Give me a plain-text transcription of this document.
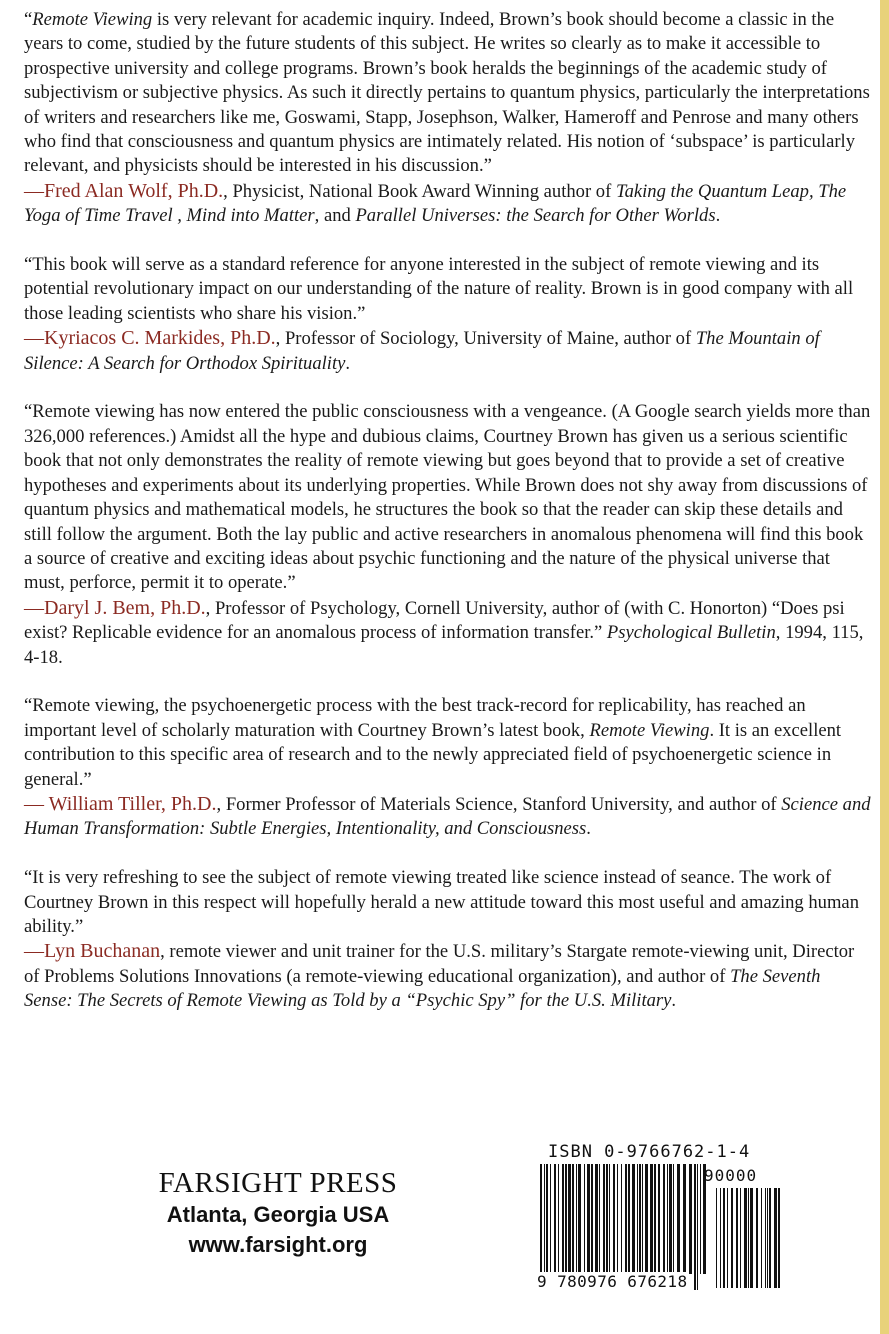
“Remote Viewing is very relevant for academic inquiry. Indeed, Brown’s book should become a classic in the years to come, studied by the future students of this subject. He writes so clearly as to make it accessible to prospective university and college programs. Brown’s book heralds the beginnings of the academic study of subjectivism or subjective physics. As such it directly pertains to quantum physics, particularly the interpretations of writers and researchers like me, Goswami, Stapp, Josephson, Walker, Hameroff and Penrose and many others who find that consciousness and quantum physics are intimately related. His notion of ‘subspace’ is particularly relevant, and physicists should be interested in his discussion.”

—Fred Alan Wolf, Ph.D., Physicist, National Book Award Winning author of Taking the Quantum Leap, The Yoga of Time Travel , Mind into Matter, and Parallel Universes: the Search for Other Worlds.

“This book will serve as a standard reference for anyone interested in the subject of remote viewing and its potential revolutionary impact on our understanding of the nature of reality. Brown is in good company with all those leading scientists who share his vision.”

—Kyriacos C. Markides, Ph.D., Professor of Sociology, University of Maine, author of The Mountain of Silence: A Search for Orthodox Spirituality.

“Remote viewing has now entered the public consciousness with a vengeance. (A Google search yields more than 326,000 references.) Amidst all the hype and dubious claims, Courtney Brown has given us a serious scientific book that not only demonstrates the reality of remote viewing but goes beyond that to provide a set of creative hypotheses and experiments about its underlying properties. While Brown does not shy away from discussions of quantum physics and mathematical models, he structures the book so that the reader can skip these details and still follow the argument. Both the lay public and active researchers in anomalous phenomena will find this book a source of creative and exciting ideas about psychic functioning and the nature of the physical universe that must, perforce, permit it to operate.”

—Daryl J. Bem, Ph.D., Professor of Psychology, Cornell University, author of (with C. Honorton) “Does psi exist? Replicable evidence for an anomalous process of information transfer.” Psychological Bulletin, 1994, 115, 4-18.

“Remote viewing, the psychoenergetic process with the best track-record for replicability, has reached an important level of scholarly maturation with Courtney Brown’s latest book, Remote Viewing. It is an excellent contribution to this specific area of research and to the newly appreciated field of psychoenergetic science in general.”

— William Tiller, Ph.D., Former Professor of Materials Science, Stanford University, and author of Science and Human Transformation: Subtle Energies, Intentionality, and Consciousness.

“It is very refreshing to see the subject of remote viewing treated like science instead of seance. The work of Courtney Brown in this respect will hopefully herald a new attitude toward this most useful and amazing human ability.”

—Lyn Buchanan, remote viewer and unit trainer for the U.S. military’s Stargate remote-viewing unit, Director of Problems Solutions Innovations (a remote-viewing educational organization), and author of The Seventh Sense: The Secrets of Remote Viewing as Told by a “Psychic Spy” for the U.S. Military.

FARSIGHT PRESS
Atlanta, Georgia USA
www.farsight.org
ISBN 0-9766762-1-4
90000
9 780976 676218
